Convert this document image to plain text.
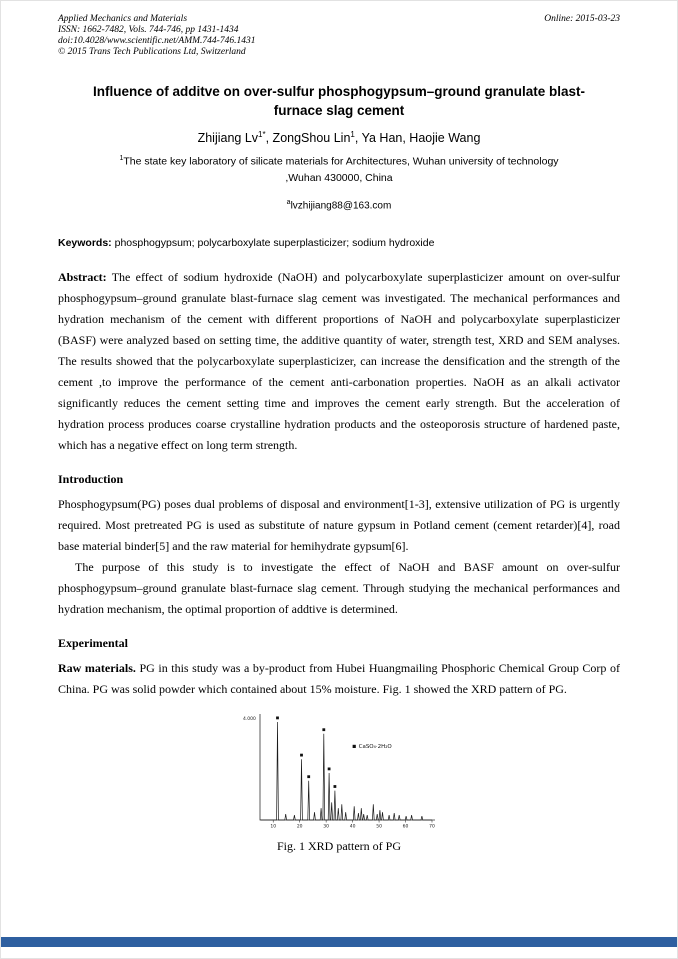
Applied Mechanics and Materials
ISSN: 1662-7482, Vols. 744-746, pp 1431-1434
doi:10.4028/www.scientific.net/AMM.744-746.1431
© 2015 Trans Tech Publications Ltd, Switzerland
Online: 2015-03-23
Influence of additve on over-sulfur phosphogypsum–ground granulate blast-furnace slag cement
Zhijiang $Lv^{1*}$, ZongShou Lin$^1$, Ya Han, Haojie Wang
$^1$The state key laboratory of silicate materials for Architectures, Wuhan university of technology ,Wuhan 430000, China
$^a$lvzhijiang88@163.com
Keywords: phosphogypsum; polycarboxylate superplasticizer; sodium hydroxide

Abstract: The effect of sodium hydroxide (NaOH) and polycarboxylate superplasticizer amount on over-sulfur phosphogypsum–ground granulate blast-furnace slag cement was investigated. The mechanical performances and hydration mechanism of the cement with different proportions of NaOH and polycarboxylate superplasticizer (BASF) were analyzed based on setting time, the additive quantity of water, strength test, XRD and SEM analyses. The results showed that the polycarboxylate superplasticizer, can increase the densification and the strength of the cement ,to improve the performance of the cement anti-carbonation properties. NaOH as an alkali activator significantly reduces the cement setting time and improves the cement early strength. But the acceleration of hydration process produces coarse crystalline hydration products and the osteoporosis structure of hardened paste, which has a negative effect on long term strength.

Introduction

Phosphogypsum(PG) poses dual problems of disposal and environment[1-3], extensive utilization of PG is urgently required. Most pretreated PG is used as substitute of nature gypsum in Potland cement (cement retarder)[4], road base material binder[5] and the raw material for hemihydrate gypsum[6].

The purpose of this study is to investigate the effect of NaOH and BASF amount on over-sulfur phosphogypsum–ground granulate blast-furnace slag cement. Through studying the mechanical performances and hydration mechanism, the optimal proportion of addtive is determined.

Experimental

Raw materials. PG in this study was a by-product from Hubei Huangmailing Phosphoric Chemical Group Corp of China. PG was solid powder which contained about 15% moisture. Fig. 1 showed the XRD pattern of PG.

10	20	30	40	50	60	70
4.000
CaSO₄·2H₂O
Fig. 1 XRD pattern of PG
